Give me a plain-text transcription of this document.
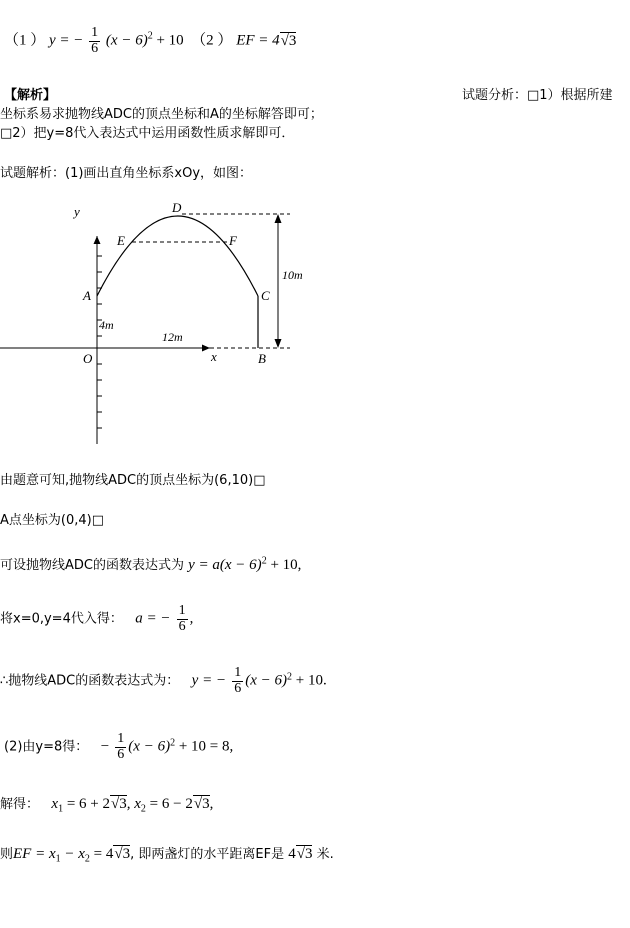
（1 ） y = − $\frac{1}{6} (x - 6)^2 + 10$ （2 ） EF = 4√3
【解析】	试题分析：□1）根据所建
坐标系易求抛物线ADC的顶点坐标和A的坐标解答即可；
□2）把y=8代入表达式中运用函数性质求解即可．
试题解析：(1)画出直角坐标系xOy，如图：
y	D
E	F
A	C
10m
4m
12m
O	x	B
由题意可知,抛物线ADC的顶点坐标为(6,10)□
A点坐标为(0,4)□
可设抛物线ADC的函数表达式为 $y = a(x - 6)^2 + 10$,
将x=0,y=4代入得： a = − $\frac{1}{6}$ ,
∴抛物线ADC的函数表达式为： y = − $\frac{1}{6} (x - 6)^2 + 10$.
(2)由y=8得： − $\frac{1}{6} (x - 6)^2 + 10 = 8$,
解得： $x_1 = 6 + 2√3$, $x_2 = 6 - 2√3$,
则EF = $x_1 - x_2 = 4√3$, 即两盏灯的水平距离EF是 4√3 米.
